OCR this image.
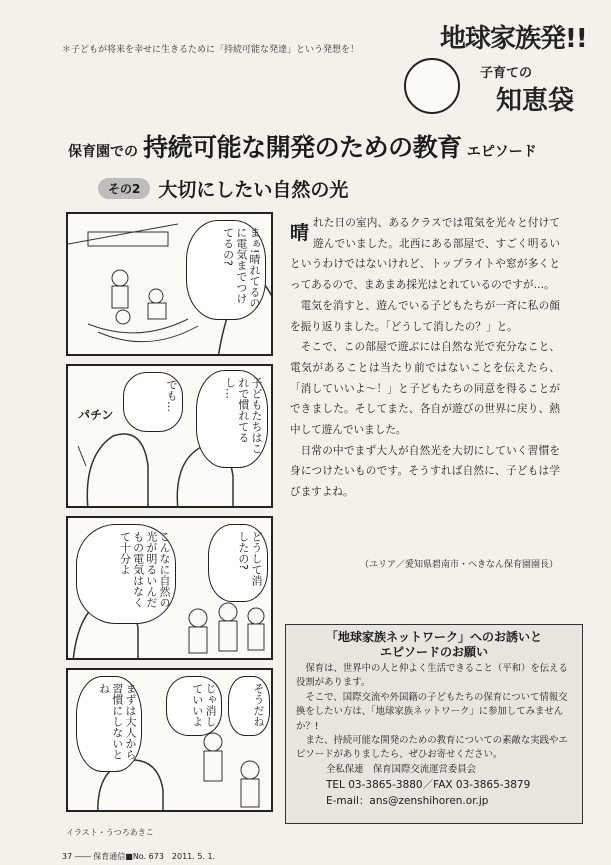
＊子どもが将来を幸せに生きるために「持続可能な発達」という発想を！	地球家族発!!
子育ての
知恵袋
保育園での 持続可能な開発のための教育 エピソード
その2 大切にしたい自然の光
まぁ!晴れてるのに電気までつけてるの?
パチン
でも…	子どもたちはこれで慣れてるし…
こんなに自然の光が明るいんだもの電気はなくて十分よ	どうして消したの?
まずは大人から習慣にしないとね	じゃ消していいよ	そうだね
イラスト・うつろあきこ

晴れた日の室内、あるクラスでは電気を光々と付けて遊んでいました。北西にある部屋で、すごく明るいというわけではないけれど、トップライトや窓が多くとってあるので、まあまあ採光はとれているのですが…。

電気を消すと、遊んでいる子どもたちが一斉に私の顔を振り返りました。「どうして消したの？」と。

そこで、この部屋で遊ぶには自然な光で充分なこと、電気があることは当たり前ではないことを伝えたら、「消していいよ～！」と子どもたちの同意を得ることができました。そしてまた、各自が遊びの世界に戻り、熱中して遊んでいました。

日常の中でまず大人が自然光を大切にしていく習慣を身につけたいものです。そうすれば自然に、子どもは学びますよね。

（ユリア／愛知県碧南市・へきなん保育園園長）
「地球家族ネットワーク」へのお誘いと
エピソードのお願い

保育は、世界中の人と仲よく生活できること（平和）を伝える役割があります。

そこで、国際交流や外国籍の子どもたちの保育について情報交換をしたい方は、「地球家族ネットワーク」に参加してみませんか？!

また、持続可能な開発のための教育についての素敵な実践やエピソードがありましたら、ぜひお寄せください。

全私保連　保育国際交流運営委員会
TEL 03-3865-3880／FAX 03-3865-3879
E-mail：ans@zenshihoren.or.jp
37 ―― 保育通信■No. 673　2011. 5. 1.
